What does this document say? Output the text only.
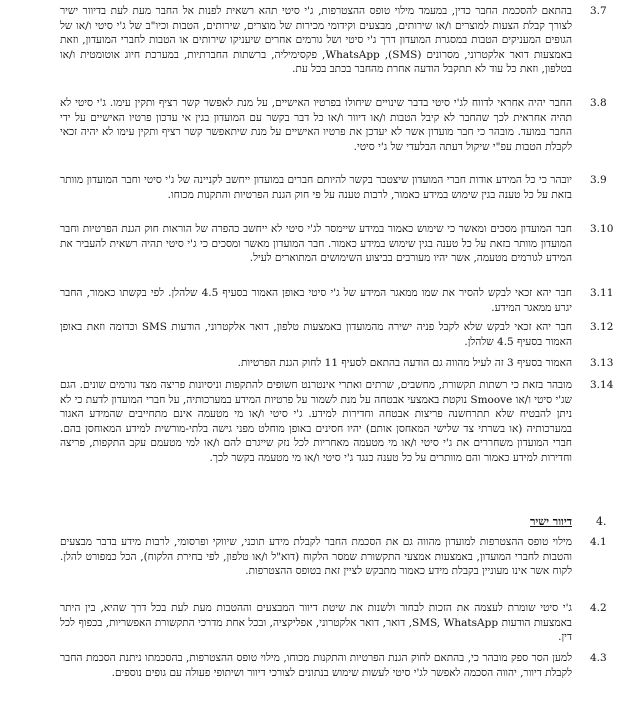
3.7

בהתאם להסכמת החבר כדין, במעמד מילוי טופס ההצטרפות, ג'י סיטי תהא רשאית לפנות אל החבר מעת לעת בדיוור ישיר לצורך קבלת הצעות למוצרים ו/או שירותים, מבצעים וקידומי מכירות של מוצרים, שירותים, הטבות וכיו"ב של ג'י סיטי ו/או של הגופים המעניקים הטבות במסגרת המועדון דרך ג'י סיטי ושל גורמים אחרים שיעניקו שירותים או הטבות לחברי המועדון, וזאת באמצעות דואר אלקטרוני, מסרונים (SMS), WhatsApp, פקסימיליה, ברשתות החברתיות, במערכת חיוג אוטומטית ו/או בטלפון, וזאת כל עוד לא תתקבל הודעה אחרת מהחבר בכתב בכל עת.

3.8

החבר יהיה אחראי לדווח לג'י סיטי בדבר שינויים שיחולו בפרטיו האישיים, על מנת לאפשר קשר רציף ותקין עימו. ג'י סיטי לא תהיה אחראית לכך שהחבר לא קיבל הטבות ו/או דיוור ו/או כל דבר בקשר עם המועדון בגין אי עדכון פרטיו האישיים על ידי החבר במועד. מובהר כי חבר מועדון אשר לא יעדכן את פרטיו האישיים על מנת שיתאפשר קשר רציף ותקין עימו לא יהיה זכאי לקבלת הטבות עפ"י שיקול דעתה הבלעדי של ג'י סיטי.

3.9

יובהר כי כל המידע אודות חברי המועדון שיצטבר בקשר להיותם חברים במועדון ייחשב לקניינה של ג'י סיטי וחבר המועדון מוותר בזאת על כל טענה בגין שימוש במידע כאמור, לרבות טענה על פי חוק הגנת הפרטיות והתקנות מכוחו.

3.10

חבר המועדון מסכים ומאשר כי שימוש כאמור במידע שיימסר לג'י סיטי לא ייחשב כהפרה של הוראות חוק הגנת הפרטיות וחבר המועדון מוותר בזאת על כל טענה בגין שימוש במידע כאמור. חבר המועדון מאשר ומסכים כי ג'י סיטי תהיה רשאית להעביר את המידע לגורמים מטעמה, אשר יהיו מעורבים בביצוע השימושים המתוארים לעיל.

3.11

חבר יהא זכאי לבקש להסיר את שמו ממאגר המידע של ג'י סיטי באופן האמור בסעיף 4.5 שלהלן. לפי בקשתו כאמור, החבר יגרע ממאגר המידע.

3.12

חבר יהא זכאי לבקש שלא לקבל פניה ישירה מהמועדון באמצעות טלפון, דואר אלקטרוני, הודעות SMS וכדומה וזאת באופן האמור בסעיף 4.5 שלהלן.

3.13

האמור בסעיף 3 זה לעיל מהווה גם הודעה בהתאם לסעיף 11 לחוק הגנת הפרטיות.

3.14

מובהר בזאת כי רשתות תקשורת, מחשבים, שרתים ואתרי אינטרנט חשופים להתקפות וניסיונות פריצה מצד גורמים שונים. הגם שג'י סיטי ו/או Smoove נוקטת באמצעי אבטחה על מנת לשמור על פרטיות המידע במערכותיה, על חברי המועדון לדעת כי לא ניתן להבטיח שלא תתרחשנה פריצות אבטחה וחדירות למידע. ג'י סיטי ו/או מי מטעמה אינם מתחייבים שהמידע האגור במערכותיה (או בשרתי צד שלישי המאחסן אותם) יהיו חסינים באופן מוחלט מפני גישה בלתי-מורשית למידע המאוחסן בהם. חברי המועדון משחררים את ג'י סיטי ו/או מי מטעמה מאחריות לכל נזק שייגרם להם ו/או למי מטעמם עקב התקפות, פריצה וחדירות למידע כאמור והם מוותרים על כל טענה כנגד ג'י סיטי ו/או מי מטעמה בקשר לכך.

4.
דיוור ישיר
4.1

מילוי טופס ההצטרפות למועדון מהווה גם את הסכמת החבר לקבלת מידע תוכני, שיווקי ופרסומי, לרבות מידע בדבר מבצעים והטבות לחברי המועדון, באמצעות אמצעי התקשורת שמסר הלקוח (דוא"ל ו/או טלפון, לפי בחירת הלקוח), הכל כמפורט להלן. לקוח אשר אינו מעוניין בקבלת מידע כאמור מתבקש לציין זאת בטופס ההצטרפות.

4.2

ג'י סיטי שומרת לעצמה את הזכות לבחור ולשנות את שיטת דיוור המבצעים וההטבות מעת לעת בכל דרך שהיא, בין היתר באמצעות הודעות SMS, WhatsApp, דואר, דואר אלקטרוני, אפליקציה, ובכל אחת מדרכי התקשורת האפשריות, בכפוף לכל דין.

4.3

למען הסר ספק מובהר כי, בהתאם לחוק הגנת הפרטיות והתקנות מכוחו, מילוי טופס ההצטרפות, בהסכמתו ניתנת הסכמת החבר לקבלת דיוור, יהווה הסכמה לאפשר לג'י סיטי לעשות שימוש בנתונים לצורכי דיוור ושיתופי פעולה עם גופים נוספים.
